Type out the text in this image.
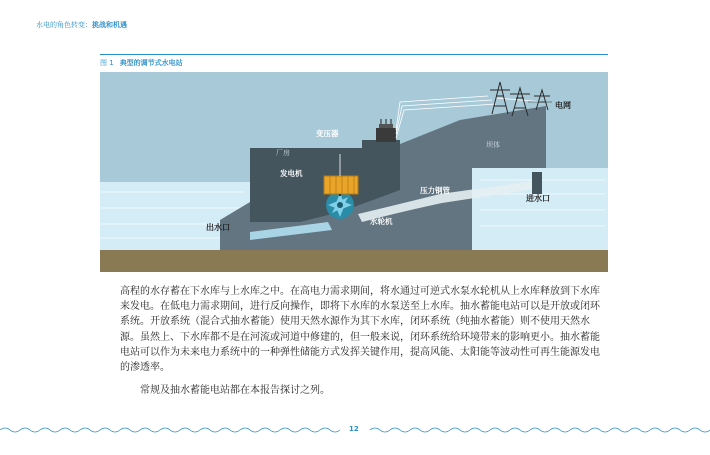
水电的角色转变：挑战和机遇
图 1 典型的调节式水电站
电网
变压器
厂房
坝体
发电机
压力钢管
进水口
出水口
水轮机

高程的水存蓄在下水库与上水库之中。在高电力需求期间，将水通过可逆式水泵水轮机从上水库释放到下水库来发电。在低电力需求期间，进行反向操作，即将下水库的水泵送至上水库。抽水蓄能电站可以是开放或闭环系统。开放系统（混合式抽水蓄能）使用天然水源作为其下水库，闭环系统（纯抽水蓄能）则不使用天然水源。虽然上、下水库都不是在河流或河道中修建的，但一般来说，闭环系统给环境带来的影响更小。抽水蓄能电站可以作为未来电力系统中的一种弹性储能方式发挥关键作用，提高风能、太阳能等波动性可再生能源发电的渗透率。

常规及抽水蓄能电站都在本报告探讨之列。

12
